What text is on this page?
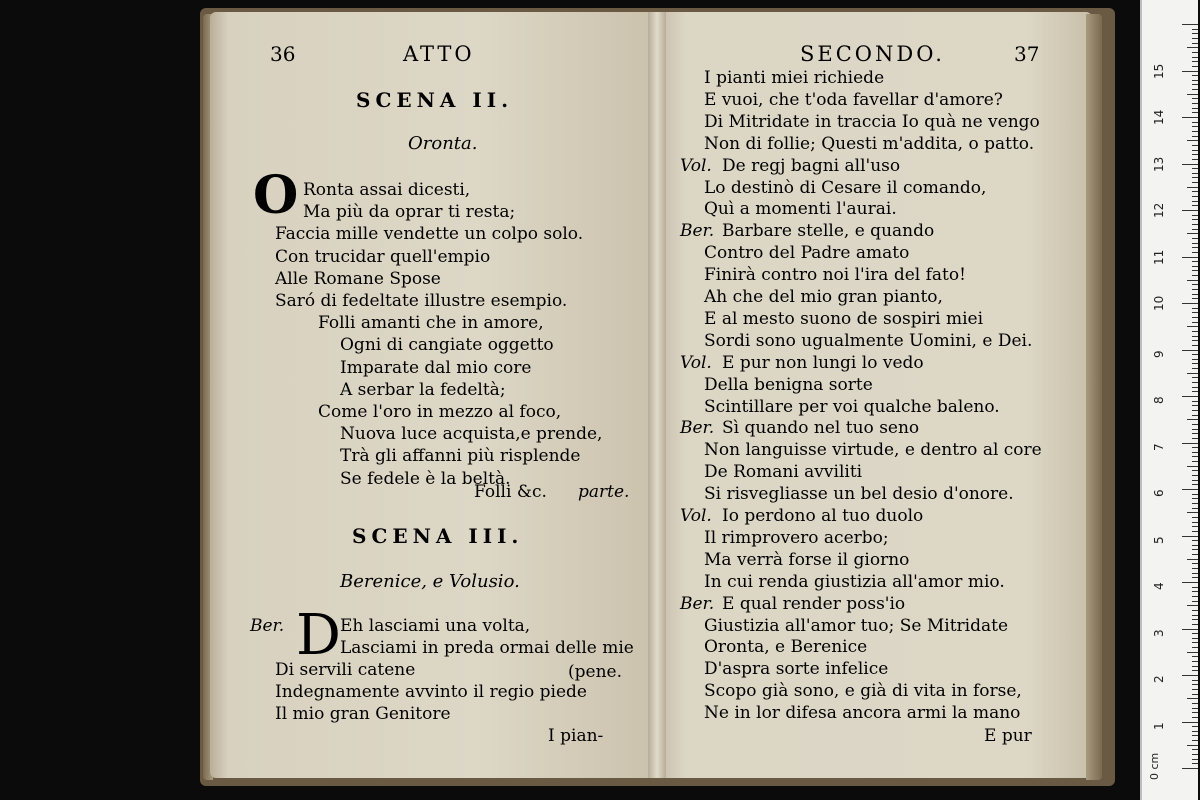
36	ATTO
SCENA II.
Oronta.
O Ronta assai dicesti,
Ma più da oprar ti resta;
Faccia mille vendette un colpo solo.
Con trucidar quell'empio
Alle Romane Spose
Saró di fedeltate illustre esempio.
Folli amanti che in amore,
Ogni di cangiate oggetto
Imparate dal mio core
A serbar la fedeltà;
Come l'oro in mezzo al foco,
Nuova luce acquista,e prende,
Trà gli affanni più risplende
Se fedele è la beltà.
Folli &c. parte.
SCENA III.
Berenice, e Volusio.
Ber. D Eh lasciami una volta,
Lasciami in preda ormai delle mie
Di servili catene	(pene.
Indegnamente avvinto il regio piede
Il mio gran Genitore
I pian-
SECONDO.	37
I pianti miei richiede
E vuoi, che t'oda favellar d'amore?
Di Mitridate in traccia Io quà ne vengo
Non di follie; Questi m'addita, o patto.
Vol. De regj bagni all'uso
Lo destinò di Cesare il comando,
Quì a momenti l'aurai.
Ber. Barbare stelle, e quando
Contro del Padre amato
Finirà contro noi l'ira del fato!
Ah che del mio gran pianto,
E al mesto suono de sospiri miei
Sordi sono ugualmente Uomini, e Dei.
Vol. E pur non lungi lo vedo
Della benigna sorte
Scintillare per voi qualche baleno.
Ber. Sì quando nel tuo seno
Non languisse virtude, e dentro al core
De Romani avviliti
Si risvegliasse un bel desio d'onore.
Vol. Io perdono al tuo duolo
Il rimprovero acerbo;
Ma verrà forse il giorno
In cui renda giustizia all'amor mio.
Ber. E qual render poss'io
Giustizia all'amor tuo; Se Mitridate
Oronta, e Berenice
D'aspra sorte infelice
Scopo già sono, e già di vita in forse,
Ne in lor difesa ancora armi la mano
E pur
0 cm
1
2
3
4
5
6
7
8
9
10
11
12
13
14
15
